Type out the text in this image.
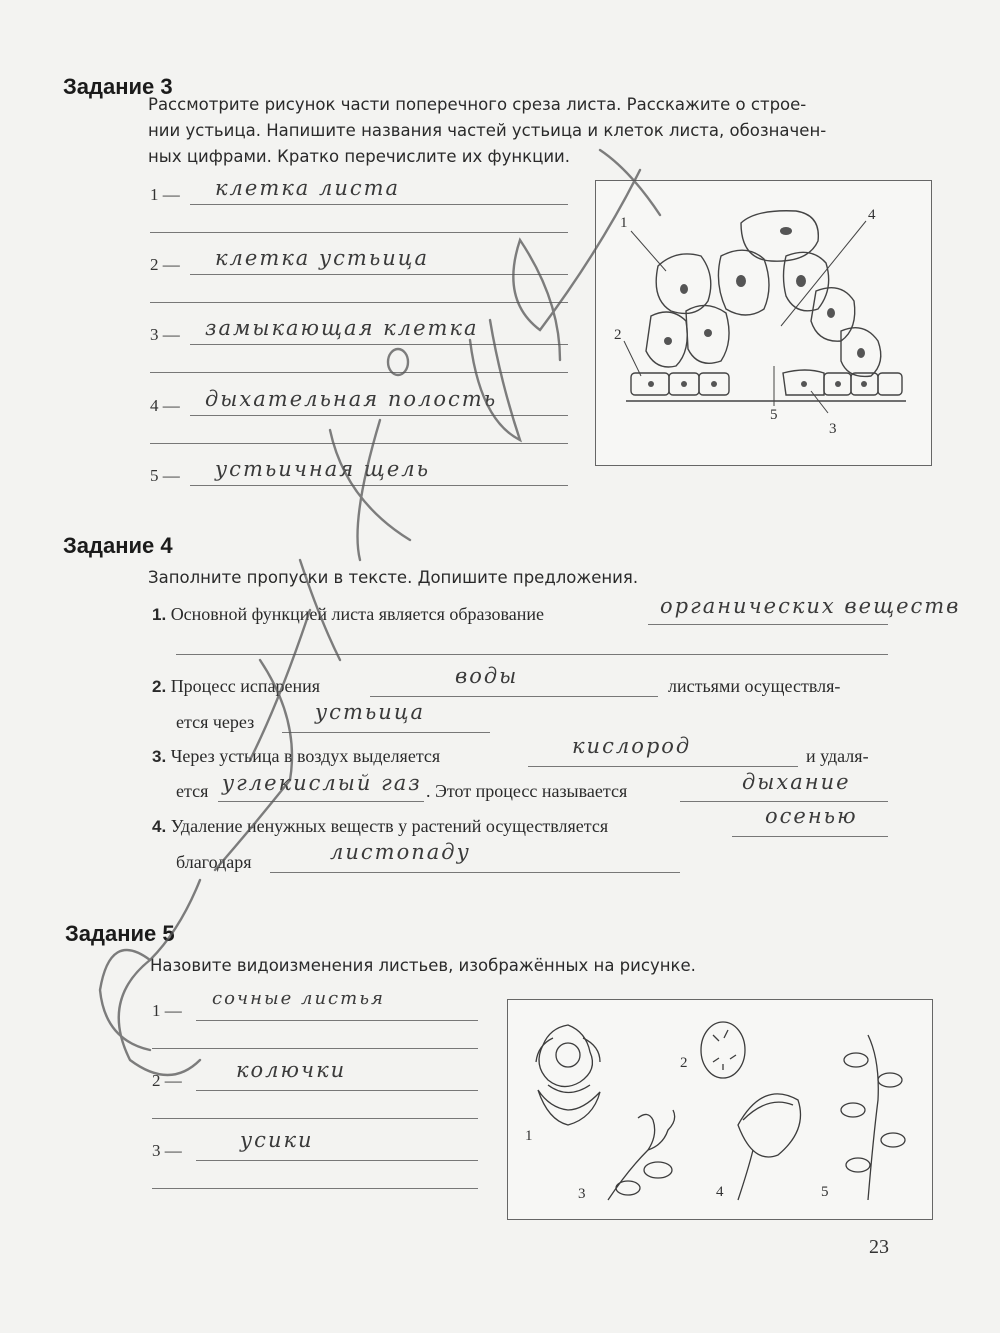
Задание 3
Рассмотрите рисунок части поперечного среза листа. Расскажите о строе-
нии устьица. Напишите названия частей устьица и клеток листа, обозначен-
ных цифрами. Кратко перечислите их функции.
1 — клетка листа
2 — клетка устьица
3 — замыкающая клетка
4 — дыхательная полость
5 — устьичная щель
1
2
3
4
5
Задание 4
Заполните пропуски в тексте. Допишите предложения.
1. Основной функцией листа является образование	органических веществ
2. Процесс испарения	воды	листьями осуществля-
ется через	устьица
3. Через устьица в воздух выделяется	кислород	и удаля-
ется углекислый газ . Этот процесс называется	дыхание
4. Удаление ненужных веществ у растений осуществляется	осенью
благодаря	листопаду
Задание 5
Назовите видоизменения листьев, изображённых на рисунке.
1 —
сочные листья
2 —	колючки
3 —	усики	1
2
3	4	5
23
